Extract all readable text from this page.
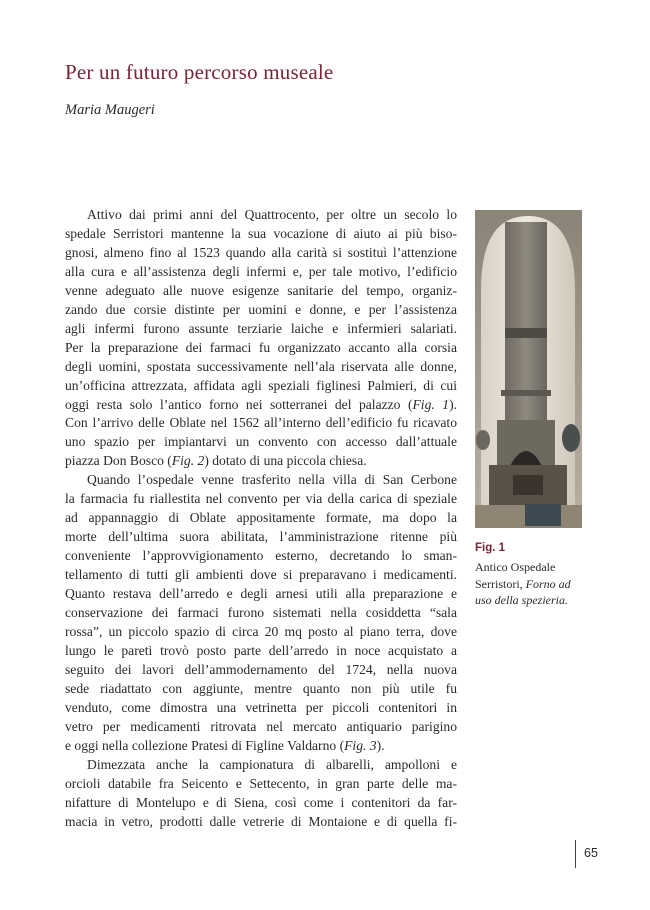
Per un futuro percorso museale
Maria Maugeri
Attivo dai primi anni del Quattrocento, per oltre un secolo lo
spedale Serristori mantenne la sua vocazione di aiuto ai più biso-
gnosi, almeno fino al 1523 quando alla carità si sostituì l’attenzione
alla cura e all’assistenza degli infermi e, per tale motivo, l’edificio
venne adeguato alle nuove esigenze sanitarie del tempo, organiz-
zando due corsie distinte per uomini e donne, e per l’assistenza
agli infermi furono assunte terziarie laiche e infermieri salariati.
Per la preparazione dei farmaci fu organizzato accanto alla corsia
degli uomini, spostata successivamente nell’ala riservata alle donne,
un’officina attrezzata, affidata agli speziali figlinesi Palmieri, di cui
oggi resta solo l’antico forno nei sotterranei del palazzo (Fig. 1).
Con l’arrivo delle Oblate nel 1562 all’interno dell’edificio fu ricavato
uno spazio per impiantarvi un convento con accesso dall’attuale
piazza Don Bosco (Fig. 2) dotato di una piccola chiesa.
Quando l’ospedale venne trasferito nella villa di San Cerbone
la farmacia fu riallestita nel convento per via della carica di speziale
ad appannaggio di Oblate appositamente formate, ma dopo la
morte dell’ultima suora abilitata, l’amministrazione ritenne più
conveniente l’approvvigionamento esterno, decretando lo sman-
tellamento di tutti gli ambienti dove si preparavano i medicamenti.
Quanto restava dell’arredo e degli arnesi utili alla preparazione e
conservazione dei farmaci furono sistemati nella cosiddetta “sala
rossa”, un piccolo spazio di circa 20 mq posto al piano terra, dove
lungo le pareti trovò posto parte dell’arredo in noce acquistato a
seguito dei lavori dell’ammodernamento del 1724, nella nuova
sede riadattato con aggiunte, mentre quanto non più utile fu
venduto, come dimostra una vetrinetta per piccoli contenitori in
vetro per medicamenti ritrovata nel mercato antiquario parigino
e oggi nella collezione Pratesi di Figline Valdarno (Fig. 3).
Dimezzata anche la campionatura di albarelli, ampolloni e
orcioli databile fra Seicento e Settecento, in gran parte delle ma-
nifatture di Montelupo e di Siena, così come i contenitori da far-
macia in vetro, prodotti dalle vetrerie di Montaione e di quella fi-
Fig. 1
Antico Ospedale Serristori, Forno ad uso della spezieria.
65
